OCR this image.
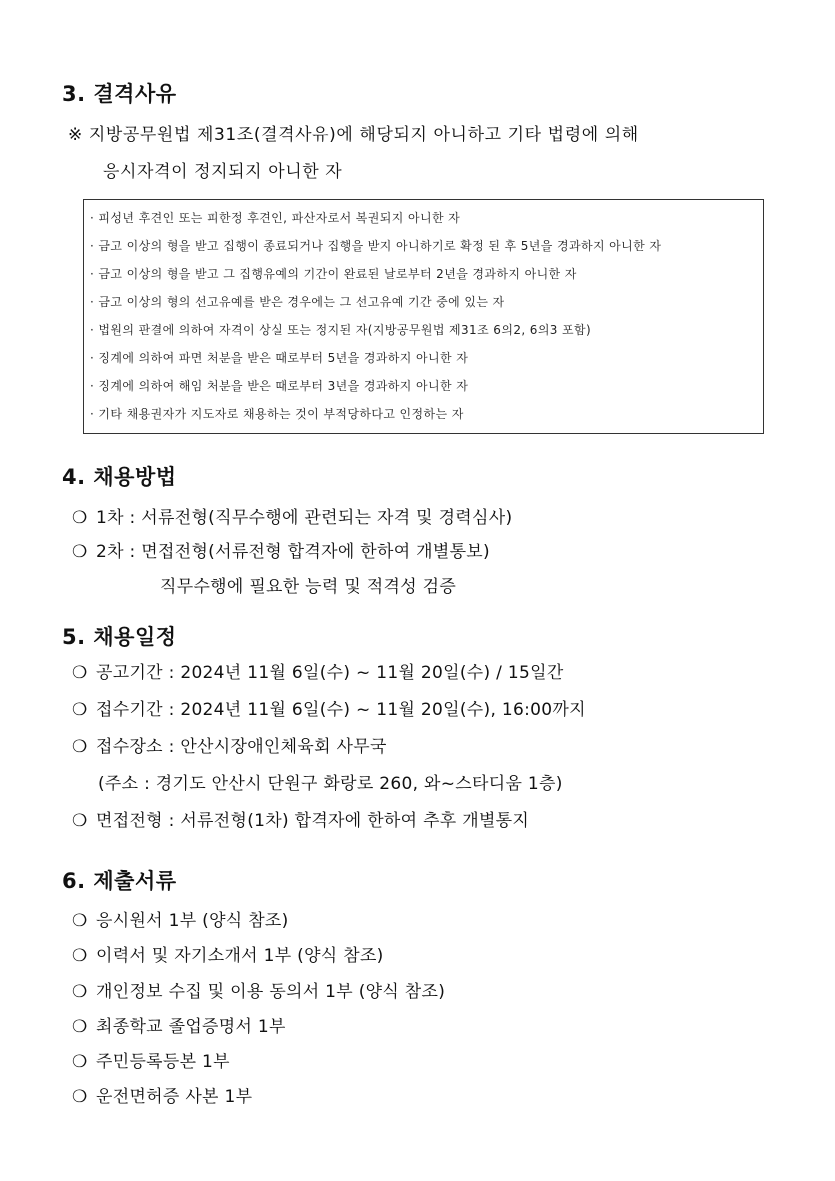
3. 결격사유
※ 지방공무원법 제31조(결격사유)에 해당되지 아니하고 기타 법령에 의해
응시자격이 정지되지 아니한 자
· 피성년 후견인 또는 피한정 후견인, 파산자로서 복권되지 아니한 자
· 금고 이상의 형을 받고 집행이 종료되거나 집행을 받지 아니하기로 확정 된 후 5년을 경과하지 아니한 자
· 금고 이상의 형을 받고 그 집행유예의 기간이 완료된 날로부터 2년을 경과하지 아니한 자
· 금고 이상의 형의 선고유예를 받은 경우에는 그 선고유예 기간 중에 있는 자
· 법원의 판결에 의하여 자격이 상실 또는 정지된 자(지방공무원법 제31조 6의2, 6의3 포함)
· 징계에 의하여 파면 처분을 받은 때로부터 5년을 경과하지 아니한 자
· 징계에 의하여 해임 처분을 받은 때로부터 3년을 경과하지 아니한 자
· 기타 채용권자가 지도자로 채용하는 것이 부적당하다고 인정하는 자
4. 채용방법
❍ 1차 : 서류전형(직무수행에 관련되는 자격 및 경력심사)
❍ 2차 : 면접전형(서류전형 합격자에 한하여 개별통보)
직무수행에 필요한 능력 및 적격성 검증
5. 채용일정
❍ 공고기간 : 2024년 11월 6일(수) ~ 11월 20일(수) / 15일간
❍ 접수기간 : 2024년 11월 6일(수) ~ 11월 20일(수), 16:00까지
❍ 접수장소 : 안산시장애인체육회 사무국
(주소 : 경기도 안산시 단원구 화랑로 260, 와~스타디움 1층)
❍ 면접전형 : 서류전형(1차) 합격자에 한하여 추후 개별통지
6. 제출서류
❍ 응시원서 1부 (양식 참조)
❍ 이력서 및 자기소개서 1부 (양식 참조)
❍ 개인정보 수집 및 이용 동의서 1부 (양식 참조)
❍ 최종학교 졸업증명서 1부
❍ 주민등록등본 1부
❍ 운전면허증 사본 1부
